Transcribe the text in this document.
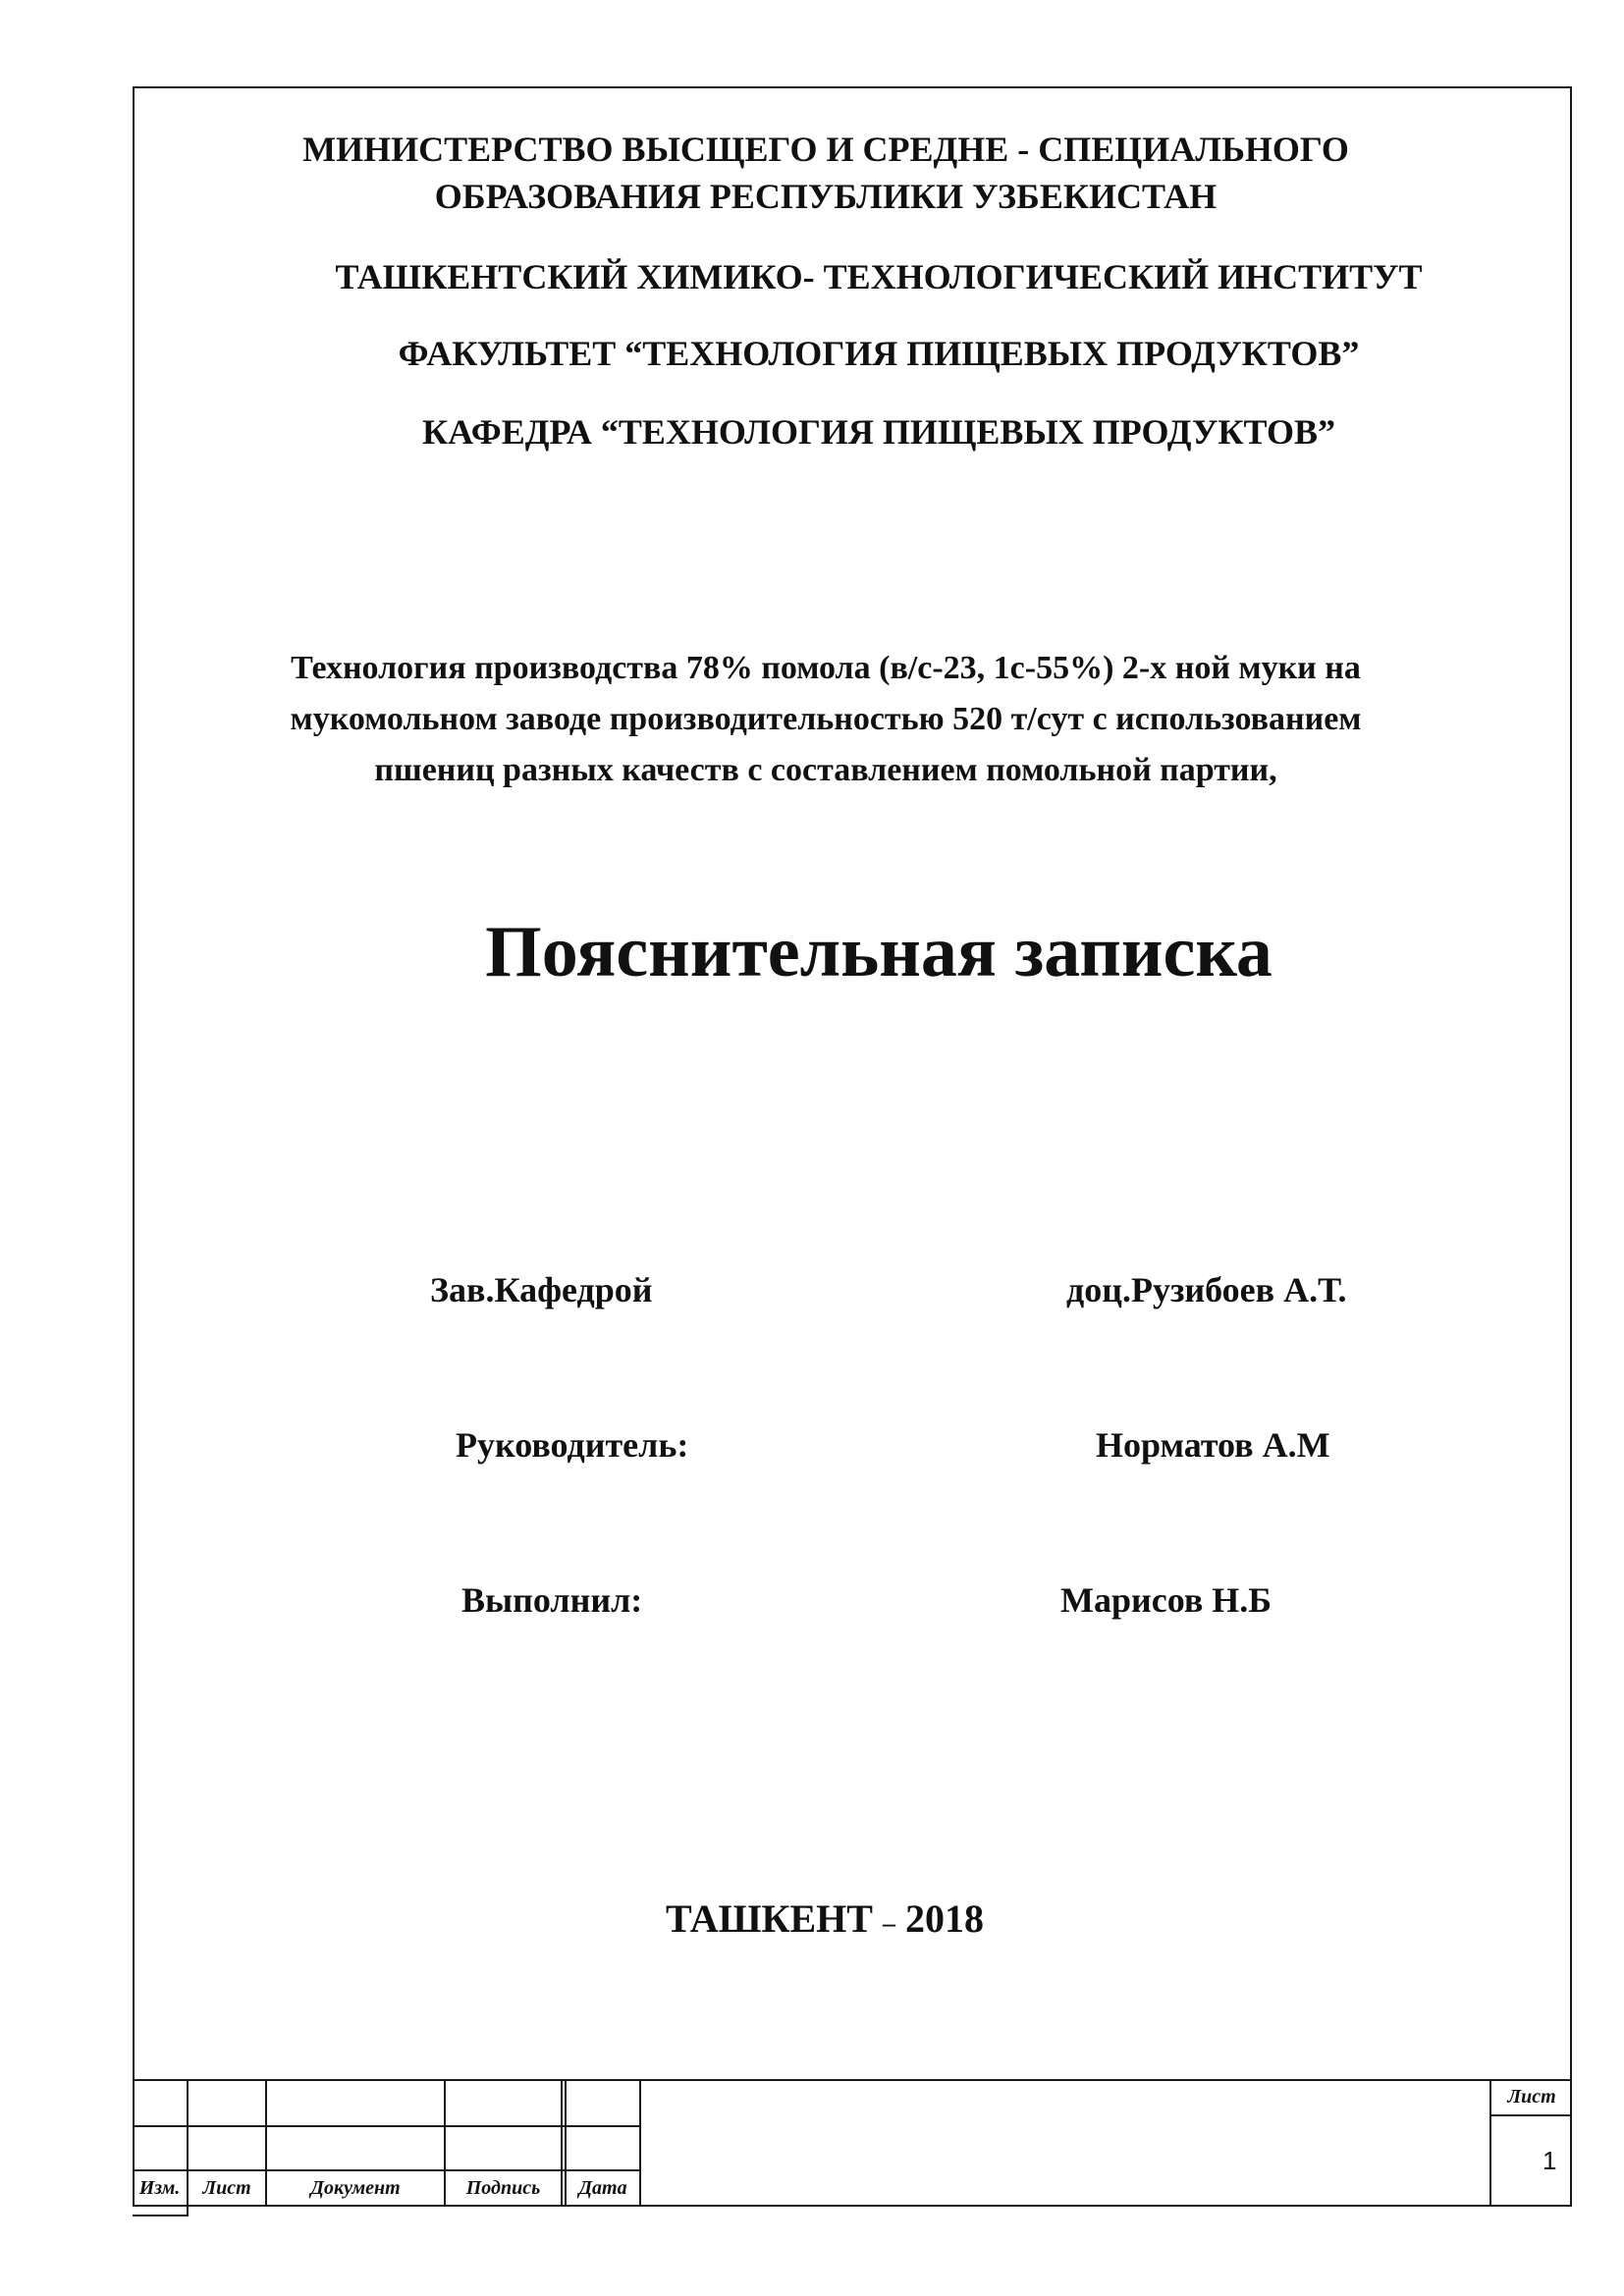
МИНИСТЕРСТВО ВЫСЩЕГО И СРЕДНЕ - СПЕЦИАЛЬНОГО
ОБРАЗОВАНИЯ РЕСПУБЛИКИ УЗБЕКИСТАН
ТАШКЕНТСКИЙ ХИМИКО- ТЕХНОЛОГИЧЕСКИЙ ИНСТИТУТ
ФАКУЛЬТЕТ “ТЕХНОЛОГИЯ ПИЩЕВЫХ ПРОДУКТОВ”
КАФЕДРА “ТЕХНОЛОГИЯ ПИЩЕВЫХ ПРОДУКТОВ”
Технология производства 78% помола (в/с-23, 1с-55%) 2-х ной муки на
мукомольном заводе производительностью 520 т/сут с использованием
пшениц разных качеств с составлением помольной партии,
Пояснительная записка
Зав.Кафедрой	доц.Рузибоев А.Т.
Руководитель:	Норматов А.М
Выполнил:	Марисов Н.Б
ТАШКЕНТ – 2018
Изм.	Лист	Документ	Подпись	Дата
Лист
1
